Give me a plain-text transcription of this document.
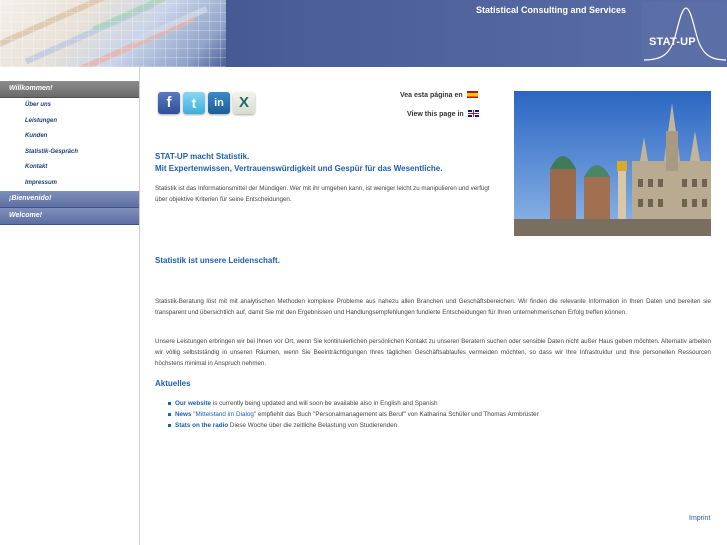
Statistical Consulting and Services
STAT-UP
Willkommen!
Über uns
Leistungen
Kunden
Statistik-Gespräch
Kontakt
Impressum
¡Bienvenido!
Welcome!
f	t	in	X	Vea esta página en
View this page in
STAT-UP macht Statistik.
Mit Expertenwissen, Vertrauenswürdigkeit und Gespür für das Wesentliche.
Statistik ist das Informationsmittel der Mündigen. Wer mit ihr umgehen kann, ist weniger leicht zu manipulieren und verfügt über objektive Kriterien für seine Entscheidungen.
Statistik ist unsere Leidenschaft.
Statistik-Beratung löst mit mit analytischen Methoden komplexe Probleme aus nahezu allen Branchen und Geschäftsbereichen. Wir finden die relevante Information in Ihren Daten und bereiten sie transparent und übersichtlich auf, damit Sie mit den Ergebnissen und Handlungsempfehlungen fundierte Entscheidungen für Ihren unternehmerischen Erfolg treffen können.
Unsere Leistungen erbringen wir bei Ihnen vor Ort, wenn Sie kontinuierlichen persönlichen Kontakt zu unseren Beratern suchen oder sensible Daten nicht außer Haus geben möchten. Alternativ arbeiten wir völlig selbstständig in unseren Räumen, wenn Sie Beeinträchtigungen Ihres täglichen Geschäftsablaufes vermeiden möchten, so dass wir Ihre Infrastruktur und Ihre personellen Ressourcen höchstens minimal in Anspruch nehmen.
Aktuelles
Our website is currently being updated and will soon be available also in English and Spanish
News "Mittelstand im Dialog" empfiehlt das Buch "Personalmanagement als Beruf" von Katharina Schüler und Thomas Armbrüster
Stats on the radio Diese Woche über die zeitliche Belastung von Studierenden
Imprint
